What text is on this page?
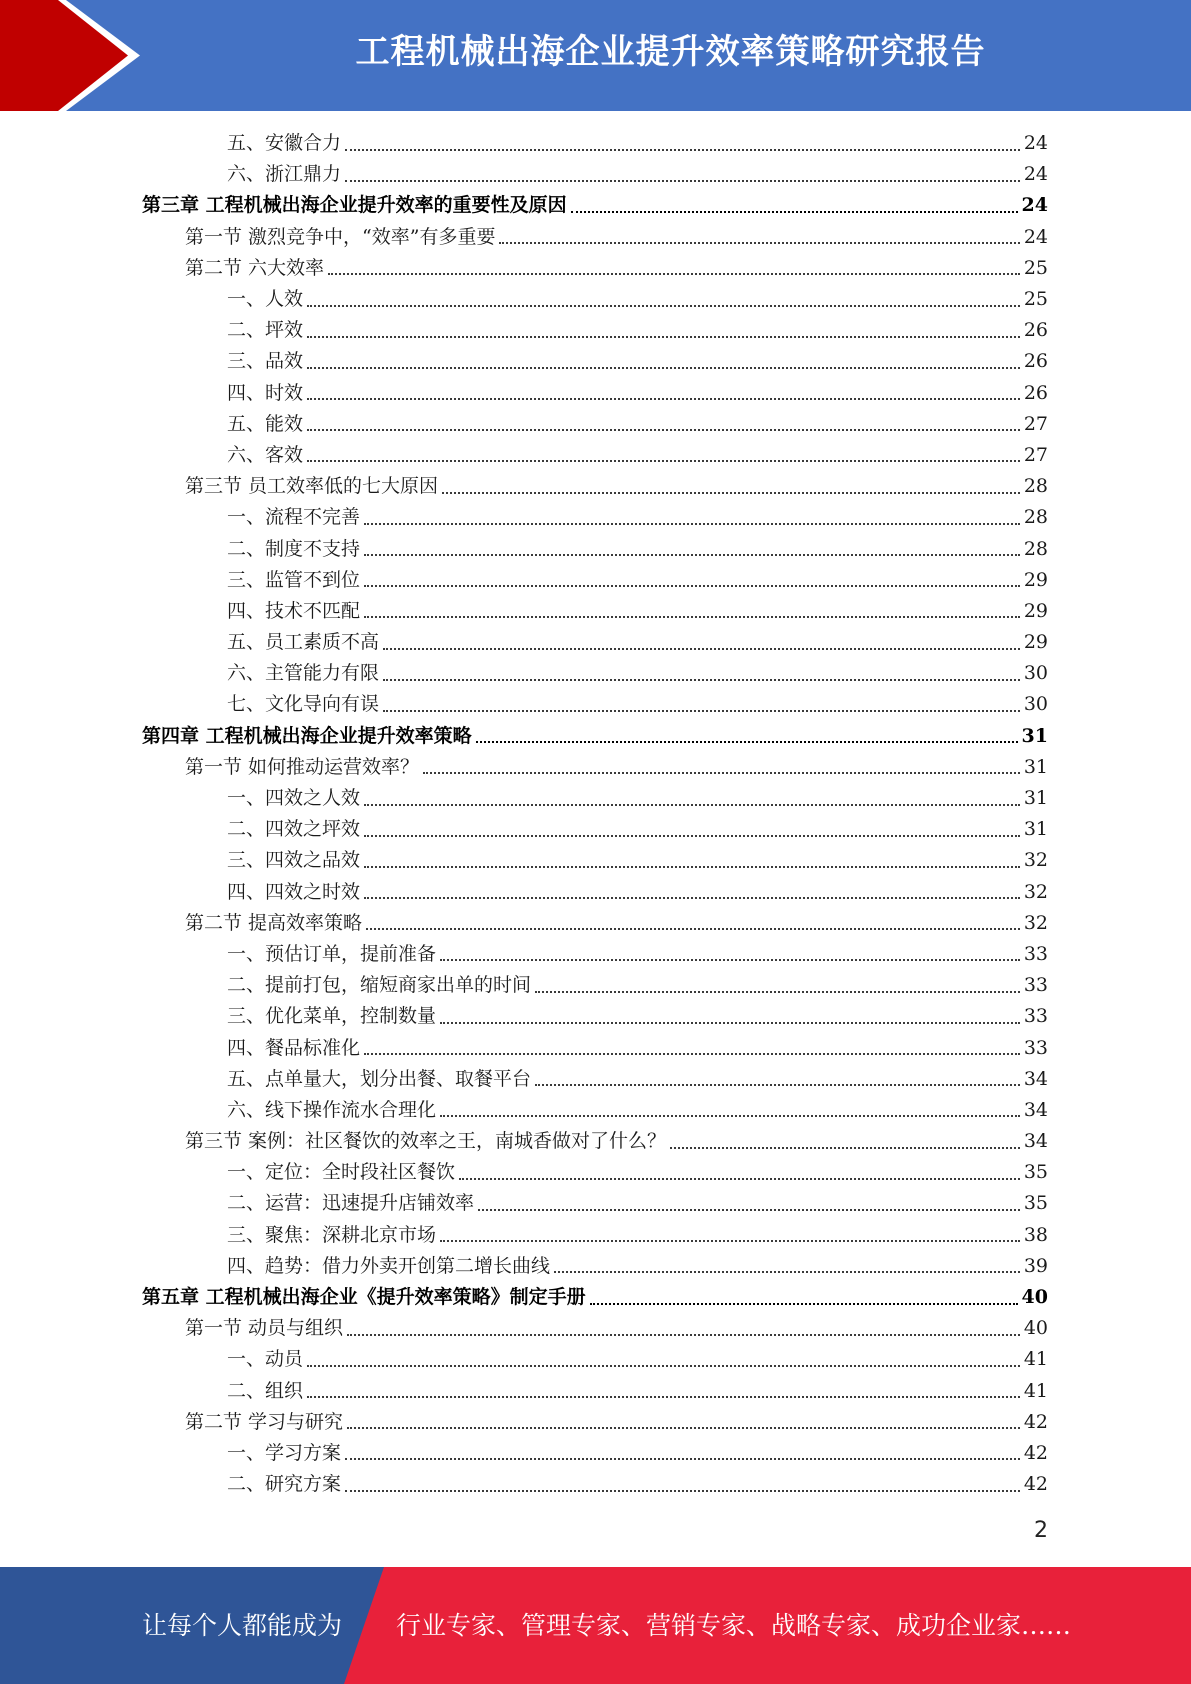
工程机械出海企业提升效率策略研究报告
五、安徽合力	24
六、浙江鼎力	24
第三章 工程机械出海企业提升效率的重要性及原因	24
第一节 激烈竞争中，“效率”有多重要	24
第二节 六大效率	25
一、人效	25
二、坪效	26
三、品效	26
四、时效	26
五、能效	27
六、客效	27
第三节 员工效率低的七大原因	28
一、流程不完善	28
二、制度不支持	28
三、监管不到位	29
四、技术不匹配	29
五、员工素质不高	29
六、主管能力有限	30
七、文化导向有误	30
第四章 工程机械出海企业提升效率策略	31
第一节 如何推动运营效率？	31
一、四效之人效	31
二、四效之坪效	31
三、四效之品效	32
四、四效之时效	32
第二节 提高效率策略	32
一、预估订单，提前准备	33
二、提前打包，缩短商家出单的时间	33
三、优化菜单，控制数量	33
四、餐品标准化	33
五、点单量大，划分出餐、取餐平台	34
六、线下操作流水合理化	34
第三节 案例：社区餐饮的效率之王，南城香做对了什么？	34
一、定位：全时段社区餐饮	35
二、运营：迅速提升店铺效率	35
三、聚焦：深耕北京市场	38
四、趋势：借力外卖开创第二增长曲线	39
第五章 工程机械出海企业《提升效率策略》制定手册	40
第一节 动员与组织	40
一、动员	41
二、组织	41
第二节 学习与研究	42
一、学习方案	42
二、研究方案	42
2
让每个人都能成为 行业专家、管理专家、营销专家、战略专家、成功企业家……
